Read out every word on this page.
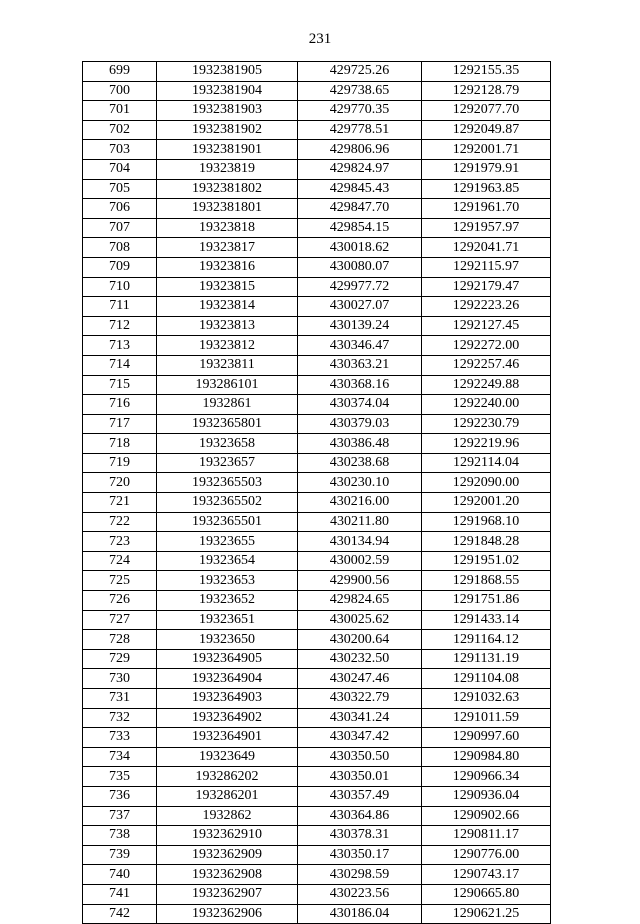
231
699	1932381905	429725.26	1292155.35
700	1932381904	429738.65	1292128.79
701	1932381903	429770.35	1292077.70
702	1932381902	429778.51	1292049.87
703	1932381901	429806.96	1292001.71
704	19323819	429824.97	1291979.91
705	1932381802	429845.43	1291963.85
706	1932381801	429847.70	1291961.70
707	19323818	429854.15	1291957.97
708	19323817	430018.62	1292041.71
709	19323816	430080.07	1292115.97
710	19323815	429977.72	1292179.47
711	19323814	430027.07	1292223.26
712	19323813	430139.24	1292127.45
713	19323812	430346.47	1292272.00
714	19323811	430363.21	1292257.46
715	193286101	430368.16	1292249.88
716	1932861	430374.04	1292240.00
717	1932365801	430379.03	1292230.79
718	19323658	430386.48	1292219.96
719	19323657	430238.68	1292114.04
720	1932365503	430230.10	1292090.00
721	1932365502	430216.00	1292001.20
722	1932365501	430211.80	1291968.10
723	19323655	430134.94	1291848.28
724	19323654	430002.59	1291951.02
725	19323653	429900.56	1291868.55
726	19323652	429824.65	1291751.86
727	19323651	430025.62	1291433.14
728	19323650	430200.64	1291164.12
729	1932364905	430232.50	1291131.19
730	1932364904	430247.46	1291104.08
731	1932364903	430322.79	1291032.63
732	1932364902	430341.24	1291011.59
733	1932364901	430347.42	1290997.60
734	19323649	430350.50	1290984.80
735	193286202	430350.01	1290966.34
736	193286201	430357.49	1290936.04
737	1932862	430364.86	1290902.66
738	1932362910	430378.31	1290811.17
739	1932362909	430350.17	1290776.00
740	1932362908	430298.59	1290743.17
741	1932362907	430223.56	1290665.80
742	1932362906	430186.04	1290621.25
